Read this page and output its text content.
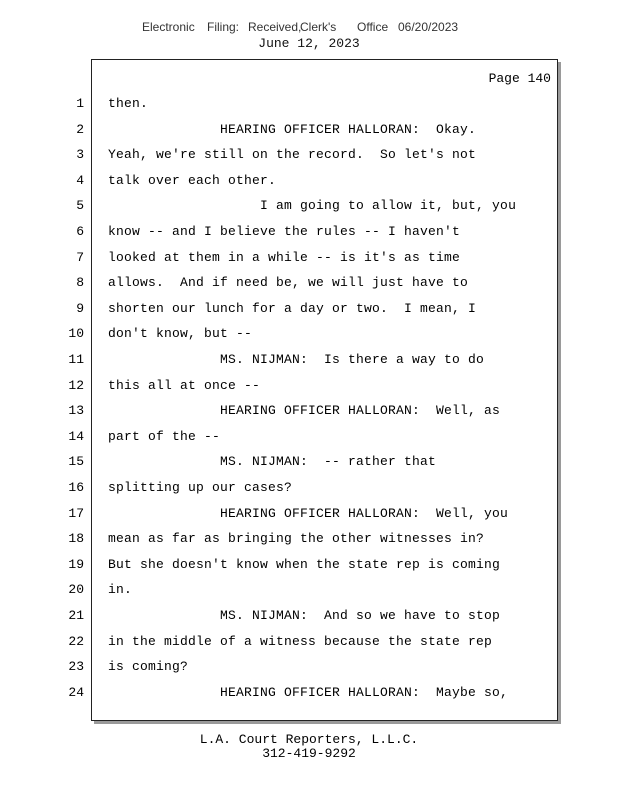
Electronic Filing: Received,
Clerk's Office 06/20/2023
June 12, 2023
Page 140
1 then.
2 HEARING OFFICER HALLORAN:  Okay.
3 Yeah, we're still on the record.  So let's not
4 talk over each other.
5 I am going to allow it, but, you
6 know -- and I believe the rules -- I haven't
7 looked at them in a while -- is it's as time
8 allows.  And if need be, we will just have to
9 shorten our lunch for a day or two.  I mean, I
10 don't know, but --
11 MS. NIJMAN:  Is there a way to do
12 this all at once --
13 HEARING OFFICER HALLORAN:  Well, as
14 part of the --
15 MS. NIJMAN:  -- rather that
16 splitting up our cases?
17 HEARING OFFICER HALLORAN:  Well, you
18 mean as far as bringing the other witnesses in?
19 But she doesn't know when the state rep is coming
20 in.
21 MS. NIJMAN:  And so we have to stop
22 in the middle of a witness because the state rep
23 is coming?
24 HEARING OFFICER HALLORAN:  Maybe so,
L.A. Court Reporters, L.L.C.
312-419-9292
